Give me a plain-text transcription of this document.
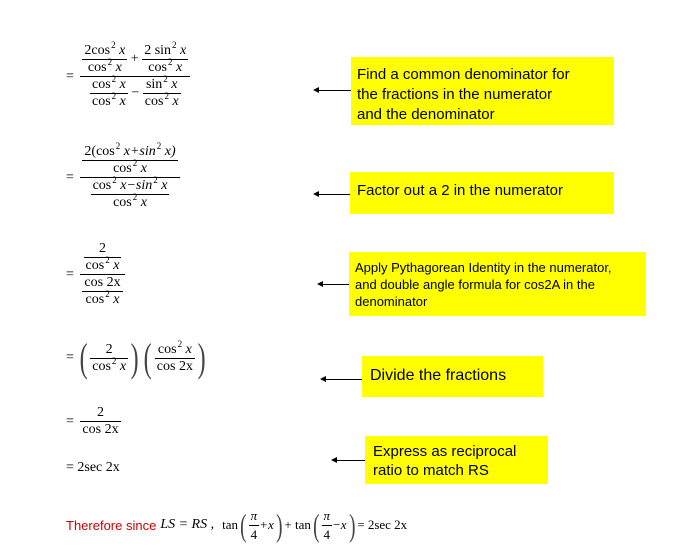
=
$\frac{2\cos^2 x}{\cos^2 x} + \frac{2 \sin^2 x}{\cos^2 x}$
$\frac{\cos^2 x}{\cos^2 x} - \frac{\sin^2 x}{\cos^2 x}$
= $\frac{\frac{2(\cos^2 x+\sin^2 x)}{\cos^2 x}}{\frac{\cos^2 x-\sin^2 x}{\cos^2 x}}$
= $\frac{\frac{2}{\cos^2 x}}{\frac{\cos 2x}{\cos^2 x}}$
= ( $\frac{2}{\cos^2 x}$ ) ( $\frac{\cos^2 x}{\cos 2x}$ )
= $\frac{2}{\cos 2x}$
= 2sec 2x
Find a common denominator for
the fractions in the numerator
and the denominator
Factor out a 2 in the numerator
Apply Pythagorean Identity in the numerator,
and double angle formula for cos2A in the
denominator
Divide the fractions
Express as reciprocal
ratio to match RS
Therefore since LS = RS , tan ( $\frac{\pi}{4} +x$ ) + tan ( $\frac{\pi}{4} -x$ ) = 2sec 2x
